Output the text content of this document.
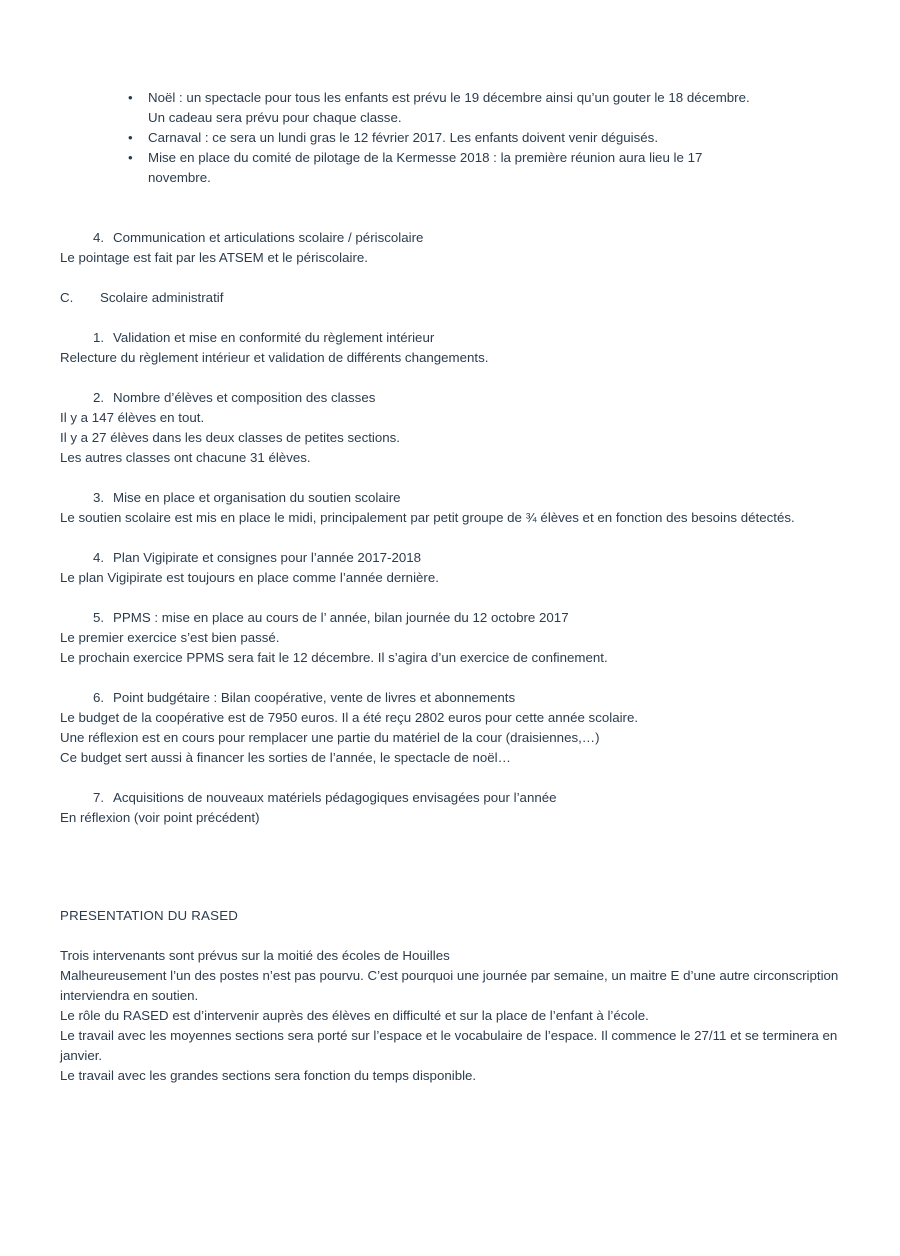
• Noël : un spectacle pour tous les enfants est prévu le 19 décembre ainsi qu’un gouter le 18 décembre.
Un cadeau sera prévu pour chaque classe.
• Carnaval : ce sera un lundi gras le 12 février 2017. Les enfants doivent venir déguisés.
• Mise en place du comité de pilotage de la Kermesse 2018 : la première réunion aura lieu le 17
novembre.
4. Communication et articulations scolaire / périscolaire

Le pointage est fait par les ATSEM et le périscolaire.

C. Scolaire administratif
1. Validation et mise en conformité du règlement intérieur

Relecture du règlement intérieur et validation de différents changements.

2. Nombre d’élèves et composition des classes

Il y a 147 élèves en tout.
Il y a 27 élèves dans les deux classes de petites sections.
Les autres classes ont chacune 31 élèves.

3. Mise en place et organisation du soutien scolaire

Le soutien scolaire est mis en place le midi, principalement par petit groupe de ¾ élèves et en fonction des besoins détectés.

4. Plan Vigipirate et consignes pour l’année 2017-2018

Le plan Vigipirate est toujours en place comme l’année dernière.

5. PPMS : mise en place au cours de l’ année, bilan journée du 12 octobre 2017

Le premier exercice s’est bien passé.
Le prochain exercice PPMS sera fait le 12 décembre. Il s’agira d’un exercice de confinement.

6. Point budgétaire : Bilan coopérative, vente de livres et abonnements

Le budget de la coopérative est de 7950 euros. Il a été reçu 2802 euros pour cette année scolaire.
Une réflexion est en cours pour remplacer une partie du matériel de la cour (draisiennes,…)
Ce budget sert aussi à financer les sorties de l’année, le spectacle de noël…

7. Acquisitions de nouveaux matériels pédagogiques envisagées pour l’année

En réflexion (voir point précédent)

PRESENTATION DU RASED

Trois intervenants sont prévus sur la moitié des écoles de Houilles

Malheureusement l’un des postes n’est pas pourvu. C’est pourquoi une journée par semaine, un maitre E d’une autre circonscription interviendra en soutien.

Le rôle du RASED est d’intervenir auprès des élèves en difficulté et sur la place de l’enfant à l’école.

Le travail avec les moyennes sections sera porté sur l’espace et le vocabulaire de l’espace. Il commence le 27/11 et se terminera en janvier.

Le travail avec les grandes sections sera fonction du temps disponible.
